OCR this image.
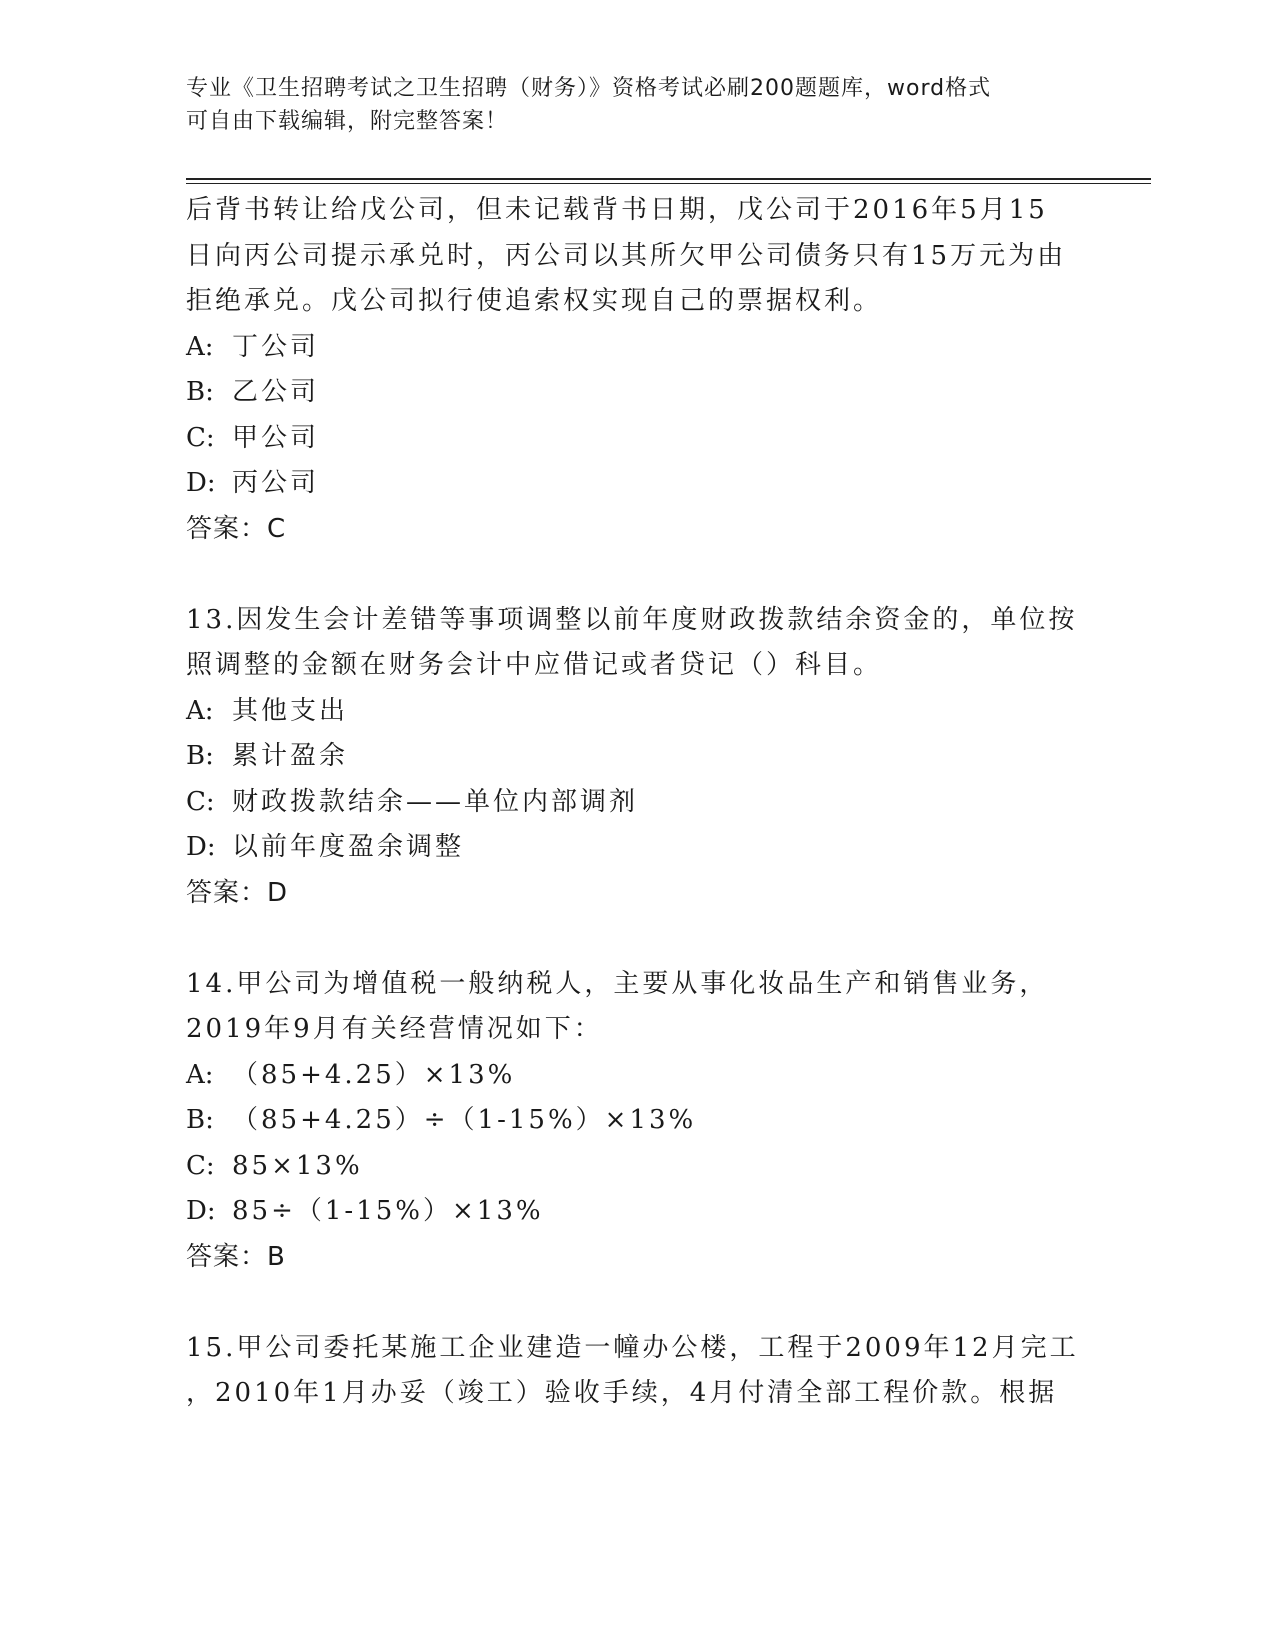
专业《卫生招聘考试之卫生招聘（财务）》资格考试必刷200题题库，word格式
可自由下载编辑，附完整答案！
后背书转让给戊公司，但未记载背书日期，戊公司于2016年5月15
日向丙公司提示承兑时，丙公司以其所欠甲公司债务只有15万元为由
拒绝承兑。戊公司拟行使追索权实现自己的票据权利。
A: 丁公司
B: 乙公司
C: 甲公司
D: 丙公司
答案：C
13.因发生会计差错等事项调整以前年度财政拨款结余资金的，单位按
照调整的金额在财务会计中应借记或者贷记（）科目。
A: 其他支出
B: 累计盈余
C: 财政拨款结余——单位内部调剂
D: 以前年度盈余调整
答案：D
14.甲公司为增值税一般纳税人，主要从事化妆品生产和销售业务，
2019年9月有关经营情况如下：
A: （85+4.25）×13%
B: （85+4.25）÷（1-15%）×13%
C: 85×13%
D: 85÷（1-15%）×13%
答案：B
15.甲公司委托某施工企业建造一幢办公楼，工程于2009年12月完工
，2010年1月办妥（竣工）验收手续，4月付清全部工程价款。根据
